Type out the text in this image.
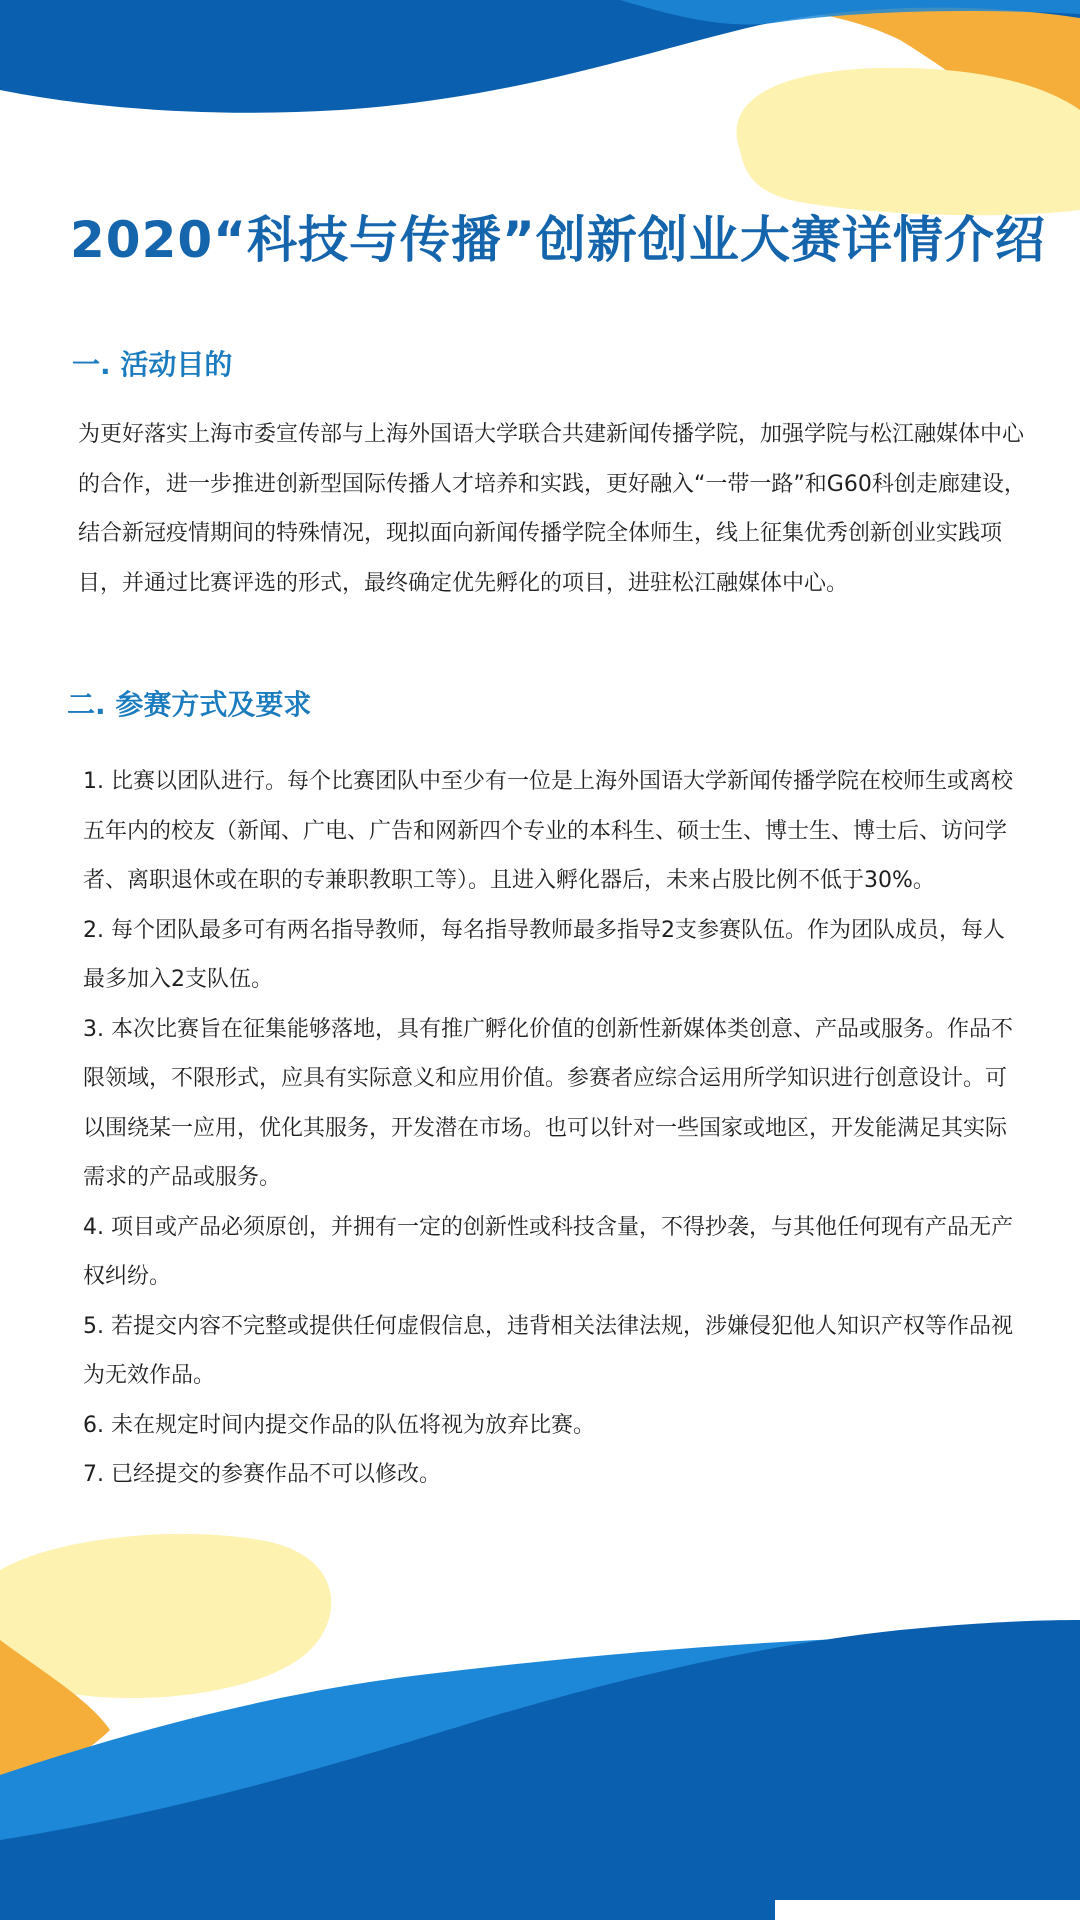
2020“科技与传播”创新创业大赛详情介绍
一. 活动目的

为更好落实上海市委宣传部与上海外国语大学联合共建新闻传播学院，加强学院与松江融媒体中心的合作，进一步推进创新型国际传播人才培养和实践，更好融入“一带一路”和G60科创走廊建设，结合新冠疫情期间的特殊情况，现拟面向新闻传播学院全体师生，线上征集优秀创新创业实践项目，并通过比赛评选的形式，最终确定优先孵化的项目，进驻松江融媒体中心。

二. 参赛方式及要求
1. 比赛以团队进行。每个比赛团队中至少有一位是上海外国语大学新闻传播学院在校师生或离校五年内的校友（新闻、广电、广告和网新四个专业的本科生、硕士生、博士生、博士后、访问学者、离职退休或在职的专兼职教职工等）。且进入孵化器后，未来占股比例不低于30%。
2. 每个团队最多可有两名指导教师，每名指导教师最多指导2支参赛队伍。作为团队成员，每人最多加入2支队伍。
3. 本次比赛旨在征集能够落地，具有推广孵化价值的创新性新媒体类创意、产品或服务。作品不限领域，不限形式，应具有实际意义和应用价值。参赛者应综合运用所学知识进行创意设计。可以围绕某一应用，优化其服务，开发潜在市场。也可以针对一些国家或地区，开发能满足其实际需求的产品或服务。
4. 项目或产品必须原创，并拥有一定的创新性或科技含量，不得抄袭，与其他任何现有产品无产权纠纷。
5. 若提交内容不完整或提供任何虚假信息，违背相关法律法规，涉嫌侵犯他人知识产权等作品视为无效作品。
6. 未在规定时间内提交作品的队伍将视为放弃比赛。
7. 已经提交的参赛作品不可以修改。
